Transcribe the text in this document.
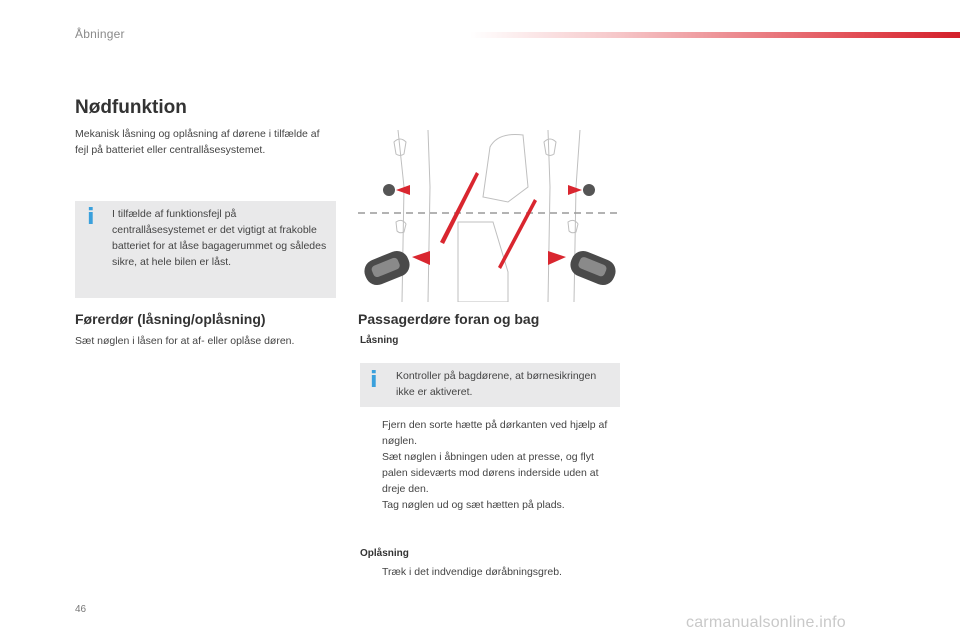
Åbninger
Nødfunktion

Mekanisk låsning og oplåsning af dørene i tilfælde af fejl på batteriet eller centrallåsesystemet.

i I tilfælde af funktionsfejl på centrallåsesystemet er det vigtigt at frakoble batteriet for at låse bagagerummet og således sikre, at hele bilen er låst.

Førerdør (låsning/oplåsning)

Sæt nøglen i låsen for at af- eller oplåse døren.

Passagerdøre foran og bag
Låsning
i Kontroller på bagdørene, at børnesikringen ikke er aktiveret.

Fjern den sorte hætte på dørkanten ved hjælp af nøglen.
Sæt nøglen i åbningen uden at presse, og flyt palen sideværts mod dørens inderside uden at dreje den.
Tag nøglen ud og sæt hætten på plads.
Oplåsning
Træk i det indvendige døråbningsgreb.
46
carmanualsonline.info
